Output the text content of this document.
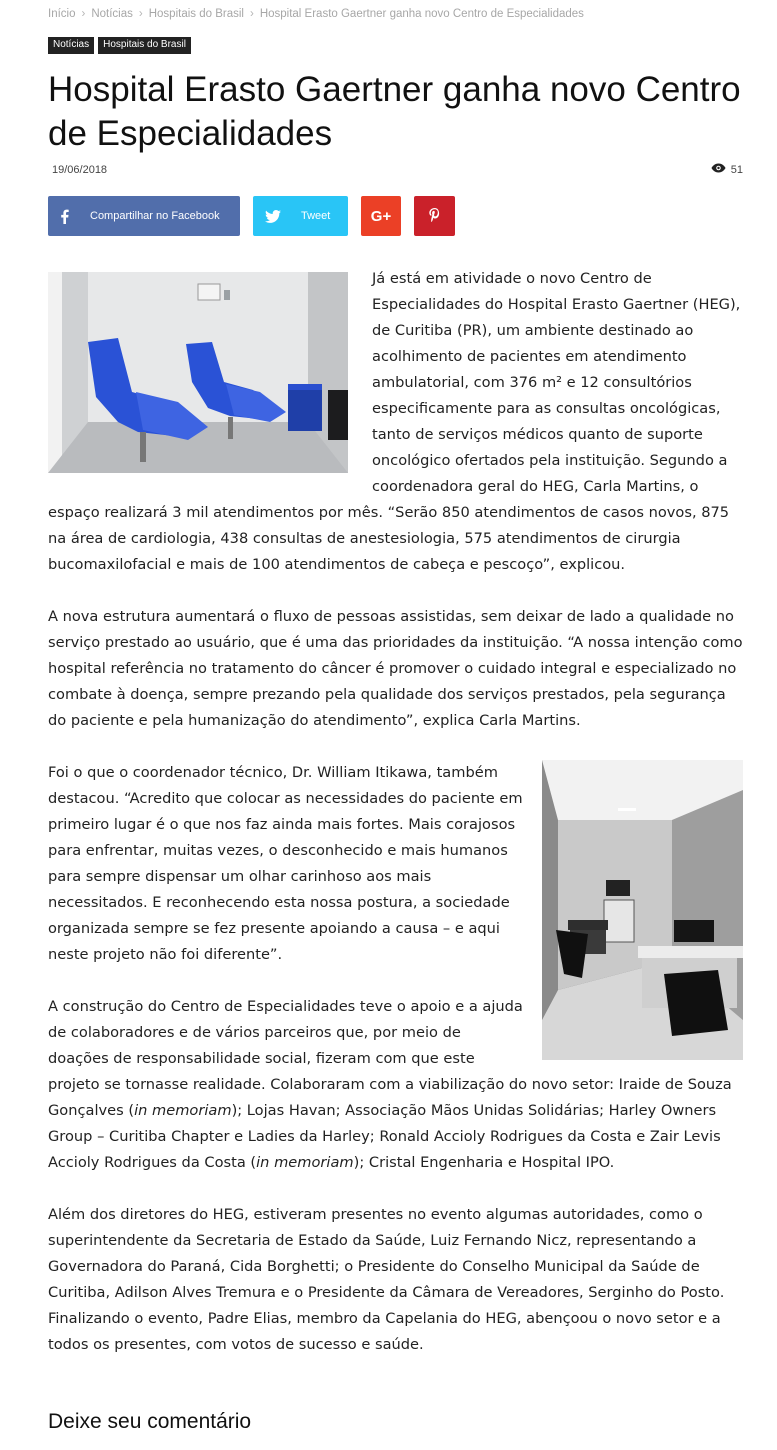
Início › Notícias › Hospitais do Brasil › Hospital Erasto Gaertner ganha novo Centro de Especialidades
Notícias	Hospitais do Brasil
Hospital Erasto Gaertner ganha novo Centro de Especialidades
19/06/2018	51
Compartilhar no Facebook	Tweet	G+

Já está em atividade o novo Centro de Especialidades do Hospital Erasto Gaertner (HEG), de Curitiba (PR), um ambiente destinado ao acolhimento de pacientes em atendimento ambulatorial, com 376 m² e 12 consultórios especificamente para as consultas oncológicas, tanto de serviços médicos quanto de suporte oncológico ofertados pela instituição. Segundo a coordenadora geral do HEG, Carla Martins, o espaço realizará 3 mil atendimentos por mês. “Serão 850 atendimentos de casos novos, 875 na área de cardiologia, 438 consultas de anestesiologia, 575 atendimentos de cirurgia bucomaxilofacial e mais de 100 atendimentos de cabeça e pescoço”, explicou.

A nova estrutura aumentará o fluxo de pessoas assistidas, sem deixar de lado a qualidade no serviço prestado ao usuário, que é uma das prioridades da instituição. “A nossa intenção como hospital referência no tratamento do câncer é promover o cuidado integral e especializado no combate à doença, sempre prezando pela qualidade dos serviços prestados, pela segurança do paciente e pela humanização do atendimento”, explica Carla Martins.

Foi o que o coordenador técnico, Dr. William Itikawa, também destacou. “Acredito que colocar as necessidades do paciente em primeiro lugar é o que nos faz ainda mais fortes. Mais corajosos para enfrentar, muitas vezes, o desconhecido e mais humanos para sempre dispensar um olhar carinhoso aos mais necessitados. E reconhecendo esta nossa postura, a sociedade organizada sempre se fez presente apoiando a causa – e aqui neste projeto não foi diferente”.

A construção do Centro de Especialidades teve o apoio e a ajuda de colaboradores e de vários parceiros que, por meio de doações de responsabilidade social, fizeram com que este projeto se tornasse realidade. Colaboraram com a viabilização do novo setor: Iraide de Souza Gonçalves (in memoriam); Lojas Havan; Associação Mãos Unidas Solidárias; Harley Owners Group – Curitiba Chapter e Ladies da Harley; Ronald Accioly Rodrigues da Costa e Zair Levis Accioly Rodrigues da Costa (in memoriam); Cristal Engenharia e Hospital IPO.

Além dos diretores do HEG, estiveram presentes no evento algumas autoridades, como o superintendente da Secretaria de Estado da Saúde, Luiz Fernando Nicz, representando a Governadora do Paraná, Cida Borghetti; o Presidente do Conselho Municipal da Saúde de Curitiba, Adilson Alves Tremura e o Presidente da Câmara de Vereadores, Serginho do Posto. Finalizando o evento, Padre Elias, membro da Capelania do HEG, abençoou o novo setor e a todos os presentes, com votos de sucesso e saúde.

Deixe seu comentário
